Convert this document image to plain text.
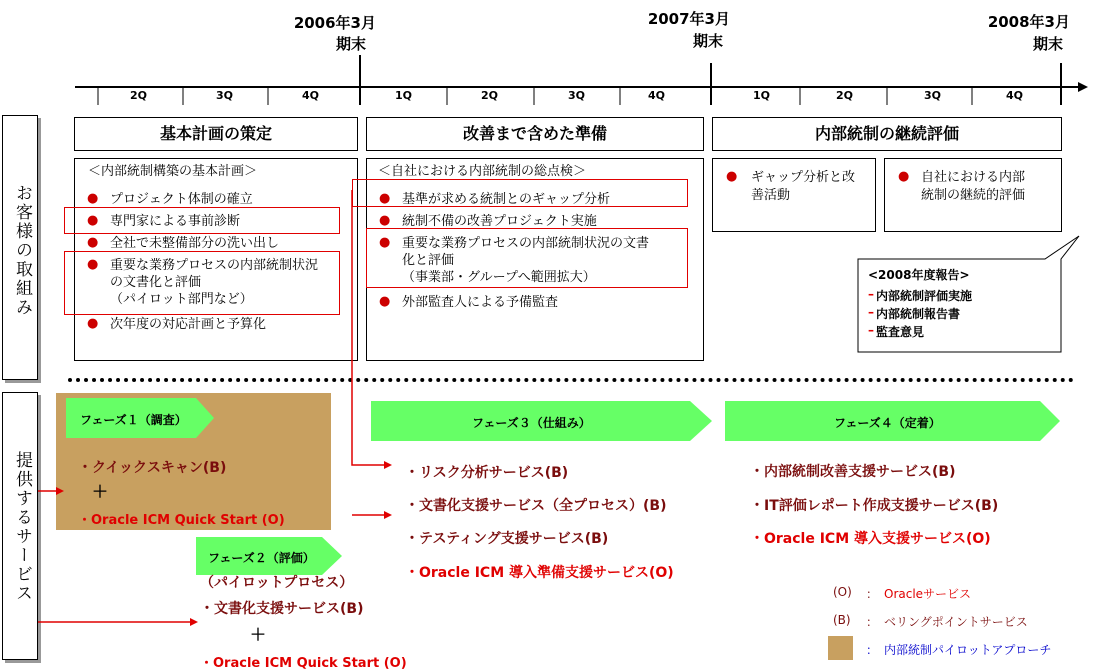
2006年3月
期末
2007年3月
期末
2008年3月
期末
2Q	3Q	4Q	1Q	2Q	3Q	4Q	1Q	2Q	3Q	4Q
お客様の取組み
提供するサービス
基本計画の策定	改善まで含めた準備	内部統制の継続評価
＜内部統制構築の基本計画＞
● プロジェクト体制の確立
● 専門家による事前診断
● 全社で未整備部分の洗い出し
● 重要な業務プロセスの内部統制状況
の文書化と評価
（パイロット部門など）
● 次年度の対応計画と予算化
＜自社における内部統制の総点検＞
● 基準が求める統制とのギャップ分析
● 統制不備の改善プロジェクト実施
● 重要な業務プロセスの内部統制状況の文書
化と評価
（事業部・グループへ範囲拡大）
● 外部監査人による予備監査
● ギャップ分析と改
善活動
● 自社における内部
統制の継続的評価
<2008年度報告>
– 内部統制評価実施
– 内部統制報告書
– 監査意見
フェーズ１（調査）
フェーズ２（評価）
フェーズ３（仕組み）	フェーズ４（定着）
・クイックスキャン(B)
＋
・Oracle ICM Quick Start (O)
（パイロットプロセス）
・文書化支援サービス(B)
＋
・Oracle ICM Quick Start (O)
・リスク分析サービス(B)
・文書化支援サービス（全プロセス）(B)
・テスティング支援サービス(B)
・Oracle ICM 導入準備支援サービス(O)
・内部統制改善支援サービス(B)
・IT評価レポート作成支援サービス(B)
・Oracle ICM 導入支援サービス(O)
(O) ： Oracleサービス
(B) ： ベリングポイントサービス
： 内部統制パイロットアプローチ
